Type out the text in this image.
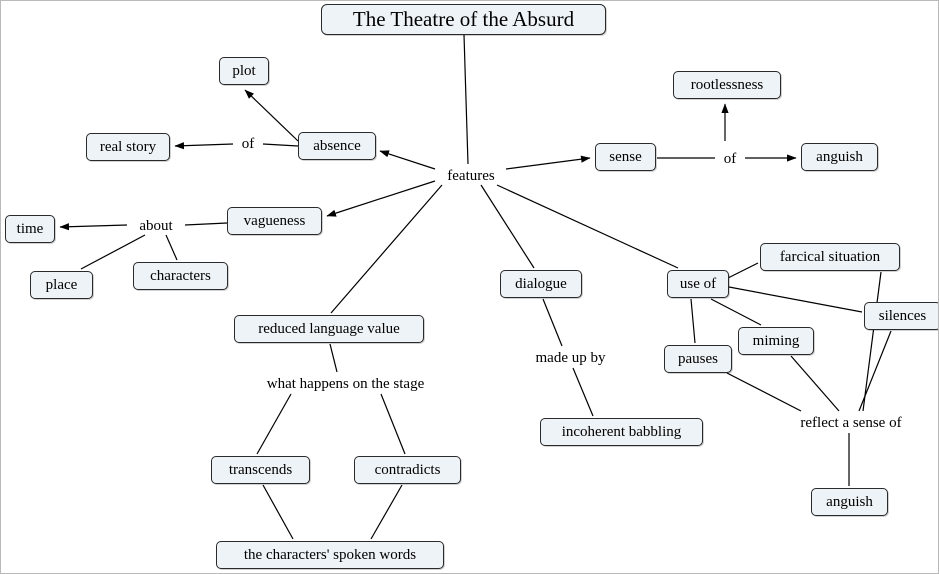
The Theatre of the Absurd
plot
rootlessness
real story	absence
sense	anguish
time	vagueness
place
characters	dialogue	use of
farcical situation
silences
miming
pauses
reduced language value
incoherent babbling
transcends	contradicts
anguish
the characters' spoken words
features
of
of
about
made up by
what happens on the stage
reflect a sense of
